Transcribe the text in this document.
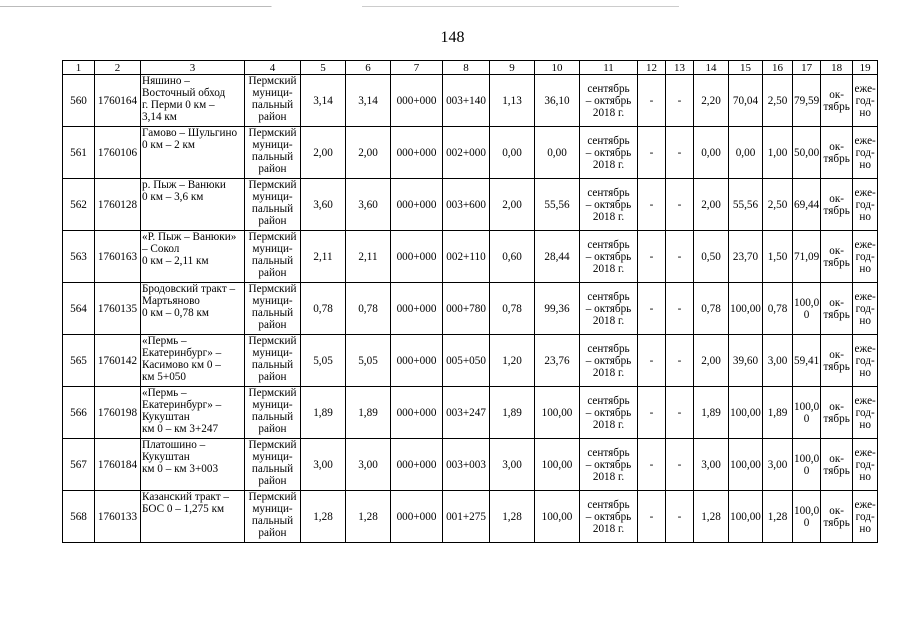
148
1	2	3	4	5	6	7	8	9	10	11	12	13	14	15	16	17	18	19
560	1760164	Няшино –
Восточный обход
г. Перми 0 км –
3,14 км	Пермский
муници-
пальный
район	3,14	3,14	000+000	003+140	1,13	36,10	сентябрь
– октябрь
2018 г.	-	-	2,20	70,04	2,50	79,59	ок-
тябрь	еже-
год-
но
561	1760106	Гамово – Шульгино
0 км – 2 км	Пермский
муници-
пальный
район	2,00	2,00	000+000	002+000	0,00	0,00	сентябрь
– октябрь
2018 г.	-	-	0,00	0,00	1,00	50,00	ок-
тябрь	еже-
год-
но
562	1760128	р. Пыж – Ванюки
0 км – 3,6 км	Пермский
муници-
пальный
район	3,60	3,60	000+000	003+600	2,00	55,56	сентябрь
– октябрь
2018 г.	-	-	2,00	55,56	2,50	69,44	ок-
тябрь	еже-
год-
но
563	1760163	«Р. Пыж – Ванюки»
– Сокол
0 км – 2,11 км	Пермский
муници-
пальный
район	2,11	2,11	000+000	002+110	0,60	28,44	сентябрь
– октябрь
2018 г.	-	-	0,50	23,70	1,50	71,09	ок-
тябрь	еже-
год-
но
564	1760135	Бродовский тракт –
Мартьяново
0 км – 0,78 км	Пермский
муници-
пальный
район	0,78	0,78	000+000	000+780	0,78	99,36	сентябрь
– октябрь
2018 г.	-	-	0,78	100,00	0,78	100,0
0	ок-
тябрь	еже-
год-
но
565	1760142	«Пермь –
Екатеринбург» –
Касимово км 0 –
км 5+050	Пермский
муници-
пальный
район	5,05	5,05	000+000	005+050	1,20	23,76	сентябрь
– октябрь
2018 г.	-	-	2,00	39,60	3,00	59,41	ок-
тябрь	еже-
год-
но
566	1760198	«Пермь –
Екатеринбург» –
Кукуштан
км 0 – км 3+247	Пермский
муници-
пальный
район	1,89	1,89	000+000	003+247	1,89	100,00	сентябрь
– октябрь
2018 г.	-	-	1,89	100,00	1,89	100,0
0	ок-
тябрь	еже-
год-
но
567	1760184	Платошино –
Кукуштан
км 0 – км 3+003	Пермский
муници-
пальный
район	3,00	3,00	000+000	003+003	3,00	100,00	сентябрь
– октябрь
2018 г.	-	-	3,00	100,00	3,00	100,0
0	ок-
тябрь	еже-
год-
но
568	1760133	Казанский тракт –
БОС 0 – 1,275 км	Пермский
муници-
пальный
район	1,28	1,28	000+000	001+275	1,28	100,00	сентябрь
– октябрь
2018 г.	-	-	1,28	100,00	1,28	100,0
0	ок-
тябрь	еже-
год-
но
